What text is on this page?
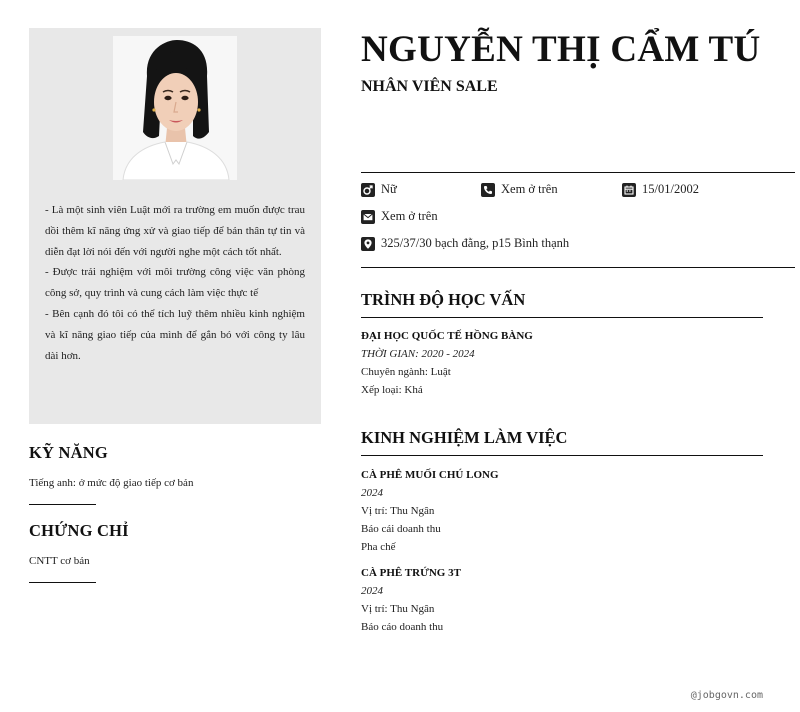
- Là một sinh viên Luật mới ra trường em muốn được trau dồi thêm kĩ năng ứng xử và giao tiếp để bản thân tự tin và diễn đạt lời nói đến với người nghe một cách tốt nhất.

- Được trải nghiệm với môi trường công việc văn phòng công sở, quy trình và cung cách làm việc thực tế

- Bên cạnh đó tôi có thể tích luỹ thêm nhiều kinh nghiệm và kĩ năng giao tiếp của mình để gắn bó với công ty lâu dài hơn.

KỸ NĂNG
Tiếng anh: ở mức độ giao tiếp cơ bản
CHỨNG CHỈ
CNTT cơ bản
NGUYỄN THỊ CẨM TÚ
NHÂN VIÊN SALE
Nữ	Xem ở trên	15/01/2002
Xem ở trên
325/37/30 bạch đằng, p15 Bình thạnh
TRÌNH ĐỘ HỌC VẤN
ĐẠI HỌC QUỐC TẾ HỒNG BÀNG
THỜI GIAN: 2020 - 2024
Chuyên ngành: Luật
Xếp loại: Khá
KINH NGHIỆM LÀM VIỆC
CÀ PHÊ MUỐI CHÚ LONG
2024
Vị trí: Thu Ngân
Báo cái doanh thu
Pha chế
CÀ PHÊ TRỨNG 3T
2024
Vị trí: Thu Ngân
Báo cáo doanh thu
@jobgovn.com
